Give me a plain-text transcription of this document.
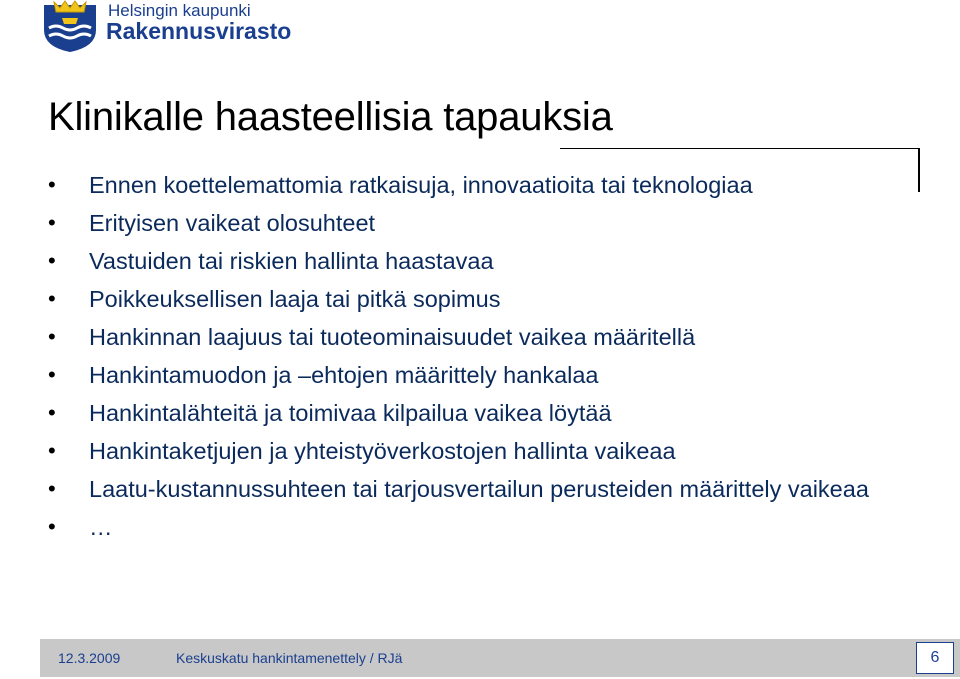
Helsingin kaupunki
Rakennusvirasto
Klinikalle haasteellisia tapauksia
• Ennen koettelemattomia ratkaisuja, innovaatioita tai teknologiaa
• Erityisen vaikeat olosuhteet
• Vastuiden tai riskien hallinta haastavaa
• Poikkeuksellisen laaja tai pitkä sopimus
• Hankinnan laajuus tai tuoteominaisuudet vaikea määritellä
• Hankintamuodon ja –ehtojen määrittely hankalaa
• Hankintalähteitä ja toimivaa kilpailua vaikea löytää
• Hankintaketjujen ja yhteistyöverkostojen hallinta vaikeaa
• Laatu-kustannussuhteen tai tarjousvertailun perusteiden määrittely vaikeaa
• …
12.3.2009	Keskuskatu hankintamenettely / RJä	6
